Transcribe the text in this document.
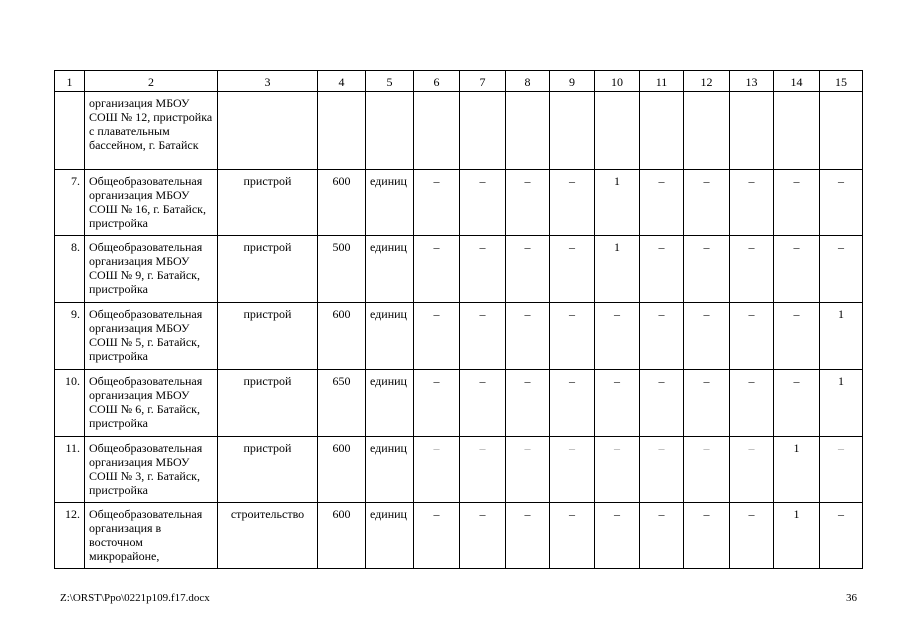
1	2	3	4	5	6	7	8	9	10	11	12	13	14	15
	организация МБОУ СОШ № 12, пристройка с плавательным бассейном, г. Батайск													
7.	Общеобразовательная организация МБОУ СОШ № 16, г. Батайск, пристройка	пристрой	600	единиц	–	–	–	–	1	–	–	–	–	–
8.	Общеобразовательная организация МБОУ СОШ № 9, г. Батайск, пристройка	пристрой	500	единиц	–	–	–	–	1	–	–	–	–	–
9.	Общеобразовательная организация МБОУ СОШ № 5, г. Батайск, пристройка	пристрой	600	единиц	–	–	–	–	–	–	–	–	–	1
10.	Общеобразовательная организация МБОУ СОШ № 6, г. Батайск, пристройка	пристрой	650	единиц	–	–	–	–	–	–	–	–	–	1
11.	Общеобразовательная организация МБОУ СОШ № 3, г. Батайск, пристройка	пристрой	600	единиц	–	–	–	–	–	–	–	–	1	–
12.	Общеобразовательная организация в восточном микрорайоне,	строительство	600	единиц	–	–	–	–	–	–	–	–	1	–
Z:\ORST\Ppo\0221p109.f17.docx	36
